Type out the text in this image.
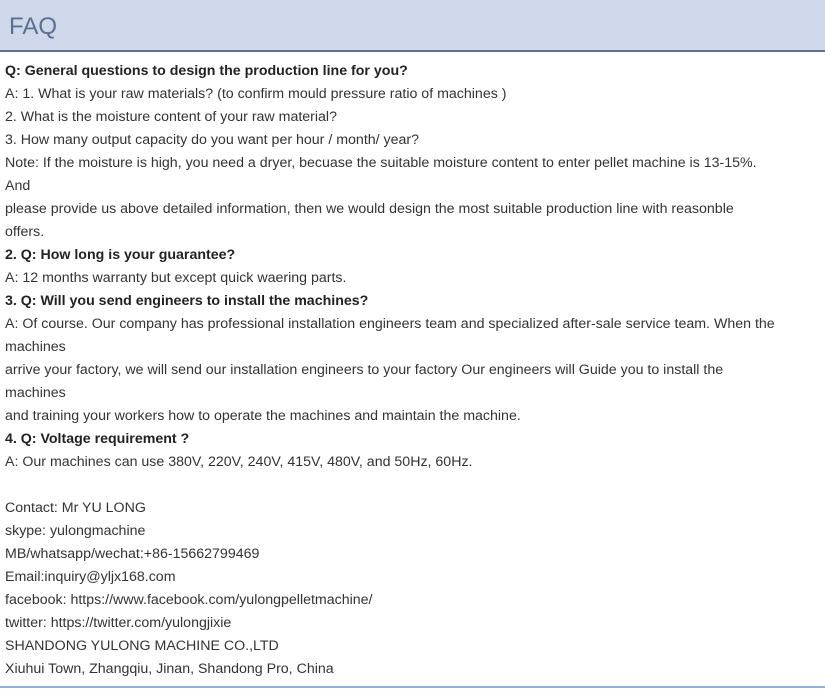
FAQ
Q: General questions to design the production line for you?
A: 1. What is your raw materials? (to confirm mould pressure ratio of machines )
2. What is the moisture content of your raw material?
3. How many output capacity do you want per hour / month/ year?
Note: If the moisture is high, you need a dryer, becuase the suitable moisture content to enter pellet machine is 13-15%.
And
please provide us above detailed information, then we would design the most suitable production line with reasonble
offers.
2. Q: How long is your guarantee?
A: 12 months warranty but except quick waering parts.
3. Q: Will you send engineers to install the machines?
A: Of course. Our company has professional installation engineers team and specialized after-sale service team. When the
machines
arrive your factory, we will send our installation engineers to your factory Our engineers will Guide you to install the
machines
and training your workers how to operate the machines and maintain the machine.
4. Q: Voltage requirement ?
A: Our machines can use 380V, 220V, 240V, 415V, 480V, and 50Hz, 60Hz.
Contact: Mr YU LONG
skype: yulongmachine
MB/whatsapp/wechat:+86-15662799469
Email:inquiry@yljx168.com
facebook: https://www.facebook.com/yulongpelletmachine/
twitter: https://twitter.com/yulongjixie
SHANDONG YULONG MACHINE CO.,LTD
Xiuhui Town, Zhangqiu, Jinan, Shandong Pro, China
